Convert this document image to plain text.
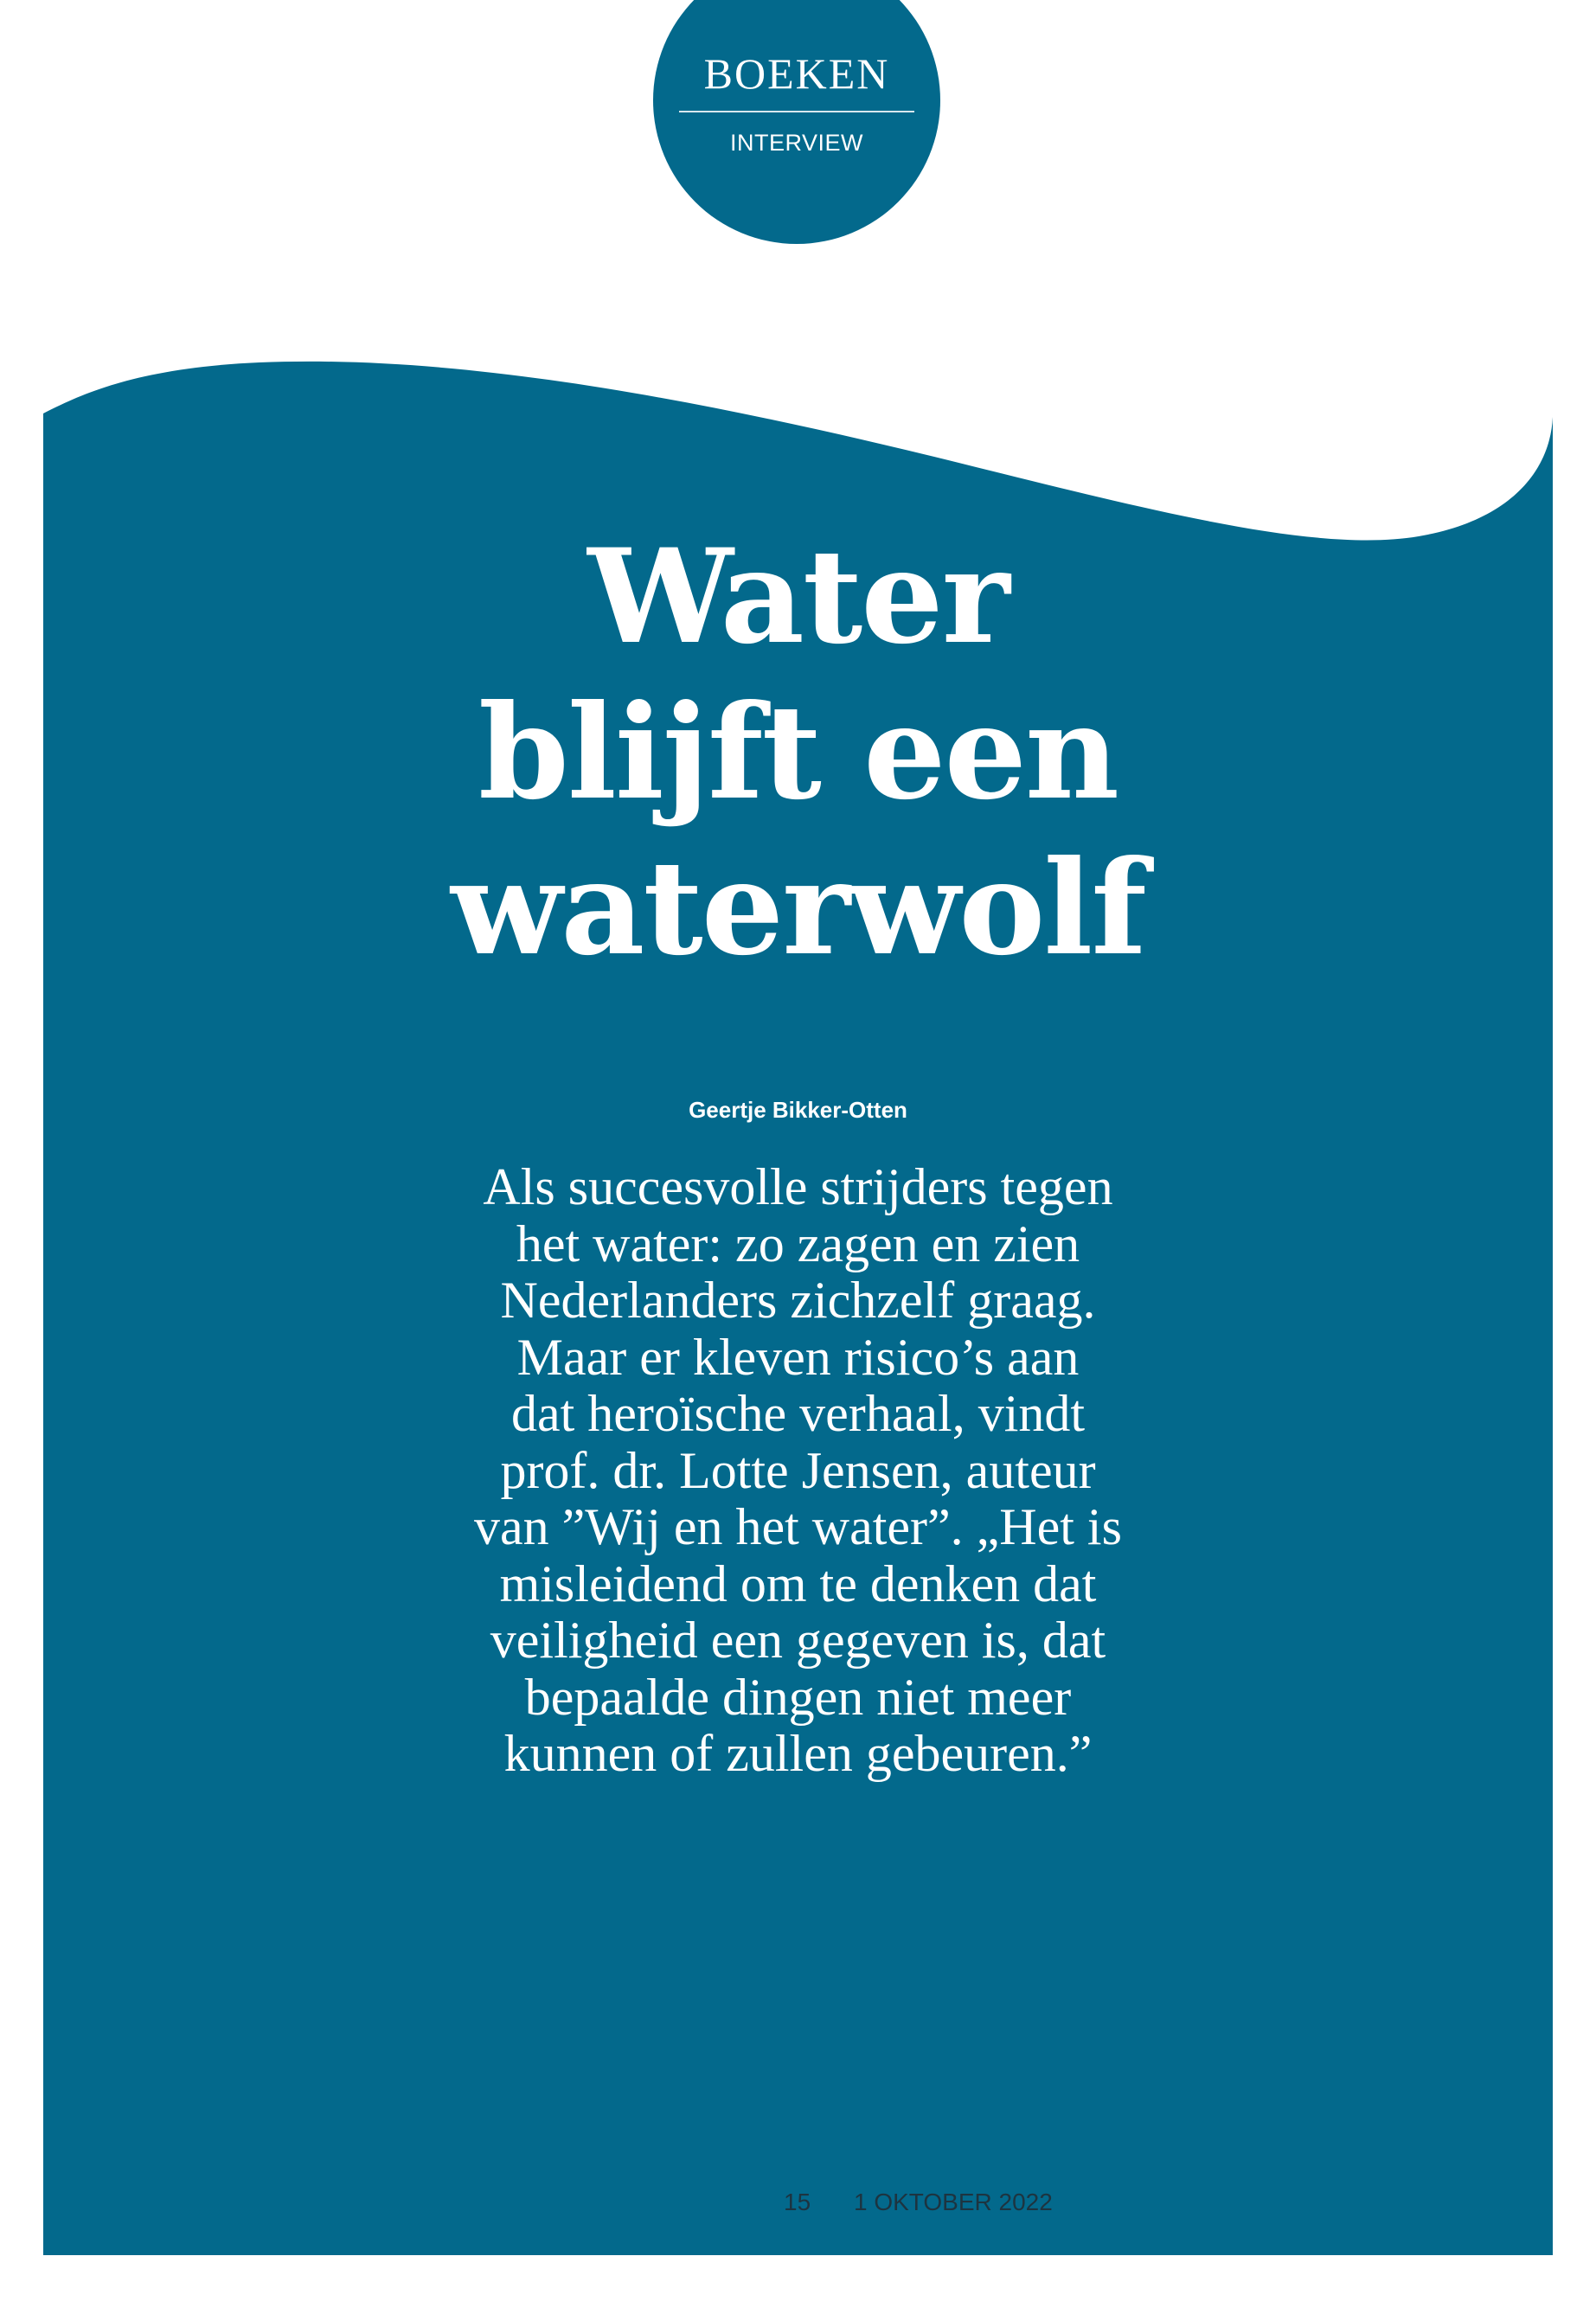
BOEKEN
INTERVIEW
Water
blijft een
waterwolf
Geertje Bikker-Otten

Als succesvolle strijders tegen
het water: zo zagen en zien
Nederlanders zichzelf graag.
Maar er kleven risico’s aan
dat heroïsche verhaal, vindt
prof. dr. Lotte Jensen, auteur
van ”Wij en het water”. „Het is
misleidend om te denken dat
veiligheid een gegeven is, dat
bepaalde dingen niet meer
kunnen of zullen gebeuren.”

15 1 OKTOBER 2022
